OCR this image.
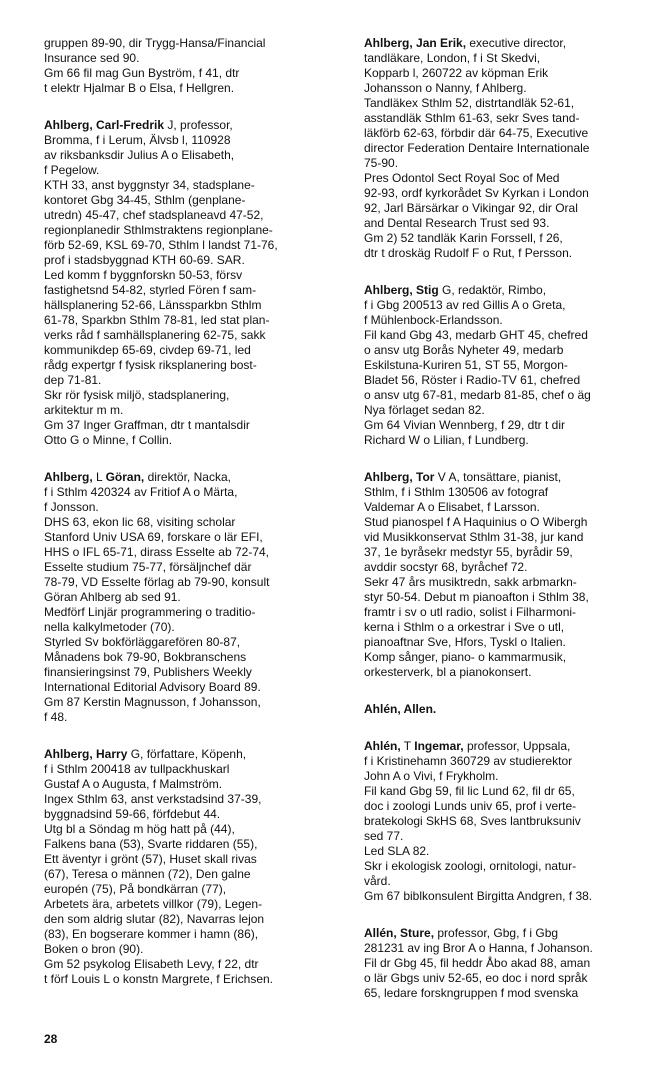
gruppen 89-90, dir Trygg-Hansa/Financial
Insurance sed 90.

Gm 66 fil mag Gun Byström, f 41, dtr
t elektr Hjalmar B o Elsa, f Hellgren.

Ahlberg, Carl-Fredrik J, professor,

Bromma, f i Lerum, Älvsb l, 110928
av riksbanksdir Julius A o Elisabeth,
f Pegelow.

KTH 33, anst byggnstyr 34, stadsplane-
kontoret Gbg 34-45, Sthlm (genplane-
utredn) 45-47, chef stadsplaneavd 47-52,
regionplanedir Sthlmstraktens regionplane-
förb 52-69, KSL 69-70, Sthlm l landst 71-76,
prof i stadsbyggnad KTH 60-69. SAR.

Led komm f byggnforskn 50-53, försv
fastighetsnd 54-82, styrled Fören f sam-
hällsplanering 52-66, Länssparkbn Sthlm
61-78, Sparkbn Sthlm 78-81, led stat plan-
verks råd f samhällsplanering 62-75, sakk
kommunikdep 65-69, civdep 69-71, led
rådg expertgr f fysisk riksplanering bost-
dep 71-81.

Skr rör fysisk miljö, stadsplanering,
arkitektur m m.

Gm 37 Inger Graffman, dtr t mantalsdir
Otto G o Minne, f Collin.

Ahlberg, L Göran, direktör, Nacka,

f i Sthlm 420324 av Fritiof A o Märta,
f Jonsson.

DHS 63, ekon lic 68, visiting scholar
Stanford Univ USA 69, forskare o lär EFI,
HHS o IFL 65-71, dirass Esselte ab 72-74,
Esselte studium 75-77, försäljnchef där
78-79, VD Esselte förlag ab 79-90, konsult
Göran Ahlberg ab sed 91.

Medförf Linjär programmering o traditio-
nella kalkylmetoder (70).

Styrled Sv bokförläggarefören 80-87,
Månadens bok 79-90, Bokbranschens
finansieringsinst 79, Publishers Weekly
International Editorial Advisory Board 89.

Gm 87 Kerstin Magnusson, f Johansson,
f 48.

Ahlberg, Harry G, författare, Köpenh,

f i Sthlm 200418 av tullpackhuskarl
Gustaf A o Augusta, f Malmström.

Ingex Sthlm 63, anst verkstadsind 37-39,
byggnadsind 59-66, förfdebut 44.

Utg bl a Söndag m hög hatt på (44),
Falkens bana (53), Svarte riddaren (55),
Ett äventyr i grönt (57), Huset skall rivas
(67), Teresa o männen (72), Den galne
europén (75), På bondkärran (77),
Arbetets ära, arbetets villkor (79), Legen-
den som aldrig slutar (82), Navarras lejon
(83), En bogserare kommer i hamn (86),
Boken o bron (90).

Gm 52 psykolog Elisabeth Levy, f 22, dtr
t förf Louis L o konstn Margrete, f Erichsen.

Ahlberg, Jan Erik, executive director,

tandläkare, London, f i St Skedvi,
Kopparb l, 260722 av köpman Erik
Johansson o Nanny, f Ahlberg.

Tandläkex Sthlm 52, distrtandläk 52-61,
asstandläk Sthlm 61-63, sekr Sves tand-
läkförb 62-63, förbdir där 64-75, Executive
director Federation Dentaire Internationale
75-90.

Pres Odontol Sect Royal Soc of Med
92-93, ordf kyrkorådet Sv Kyrkan i London
92, Jarl Bärsärkar o Vikingar 92, dir Oral
and Dental Research Trust sed 93.

Gm 2) 52 tandläk Karin Forssell, f 26,
dtr t droskäg Rudolf F o Rut, f Persson.

Ahlberg, Stig G, redaktör, Rimbo,

f i Gbg 200513 av red Gillis A o Greta,
f Mühlenbock-Erlandsson.

Fil kand Gbg 43, medarb GHT 45, chefred
o ansv utg Borås Nyheter 49, medarb
Eskilstuna-Kuriren 51, ST 55, Morgon-
Bladet 56, Röster i Radio-TV 61, chefred
o ansv utg 67-81, medarb 81-85, chef o äg
Nya förlaget sedan 82.

Gm 64 Vivian Wennberg, f 29, dtr t dir
Richard W o Lilian, f Lundberg.

Ahlberg, Tor V A, tonsättare, pianist,

Sthlm, f i Sthlm 130506 av fotograf
Valdemar A o Elisabet, f Larsson.

Stud pianospel f A Haquinius o O Wibergh
vid Musikkonservat Sthlm 31-38, jur kand
37, 1e byråsekr medstyr 55, byrådir 59,
avddir socstyr 68, byråchef 72.

Sekr 47 års musiktredn, sakk arbmarkn-
styr 50-54. Debut m pianoafton i Sthlm 38,
framtr i sv o utl radio, solist i Filharmoni-
kerna i Sthlm o a orkestrar i Sve o utl,
pianoaftnar Sve, Hfors, Tyskl o Italien.

Komp sånger, piano- o kammarmusik,
orkesterverk, bl a pianokonsert.

Ahlén, Allen.

Ahlén, T Ingemar, professor, Uppsala,

f i Kristinehamn 360729 av studierektor
John A o Vivi, f Frykholm.

Fil kand Gbg 59, fil lic Lund 62, fil dr 65,
doc i zoologi Lunds univ 65, prof i verte-
bratekologi SkHS 68, Sves lantbruksuniv
sed 77.

Led SLA 82.

Skr i ekologisk zoologi, ornitologi, natur-
vård.

Gm 67 biblkonsulent Birgitta Andgren, f 38.

Allén, Sture, professor, Gbg, f i Gbg

281231 av ing Bror A o Hanna, f Johanson.
Fil dr Gbg 45, fil heddr Åbo akad 88, aman
o lär Gbgs univ 52-65, eo doc i nord språk
65, ledare forskngruppen f mod svenska

28
